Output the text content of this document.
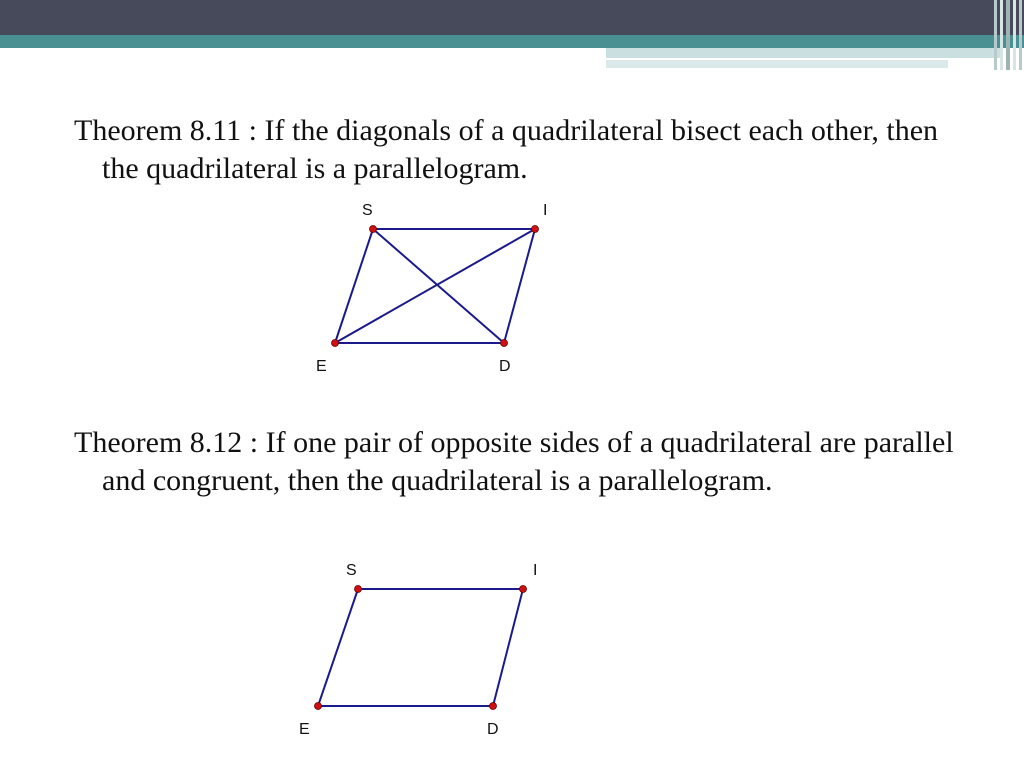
Theorem 8.11 : If the diagonals of a quadrilateral bisect each other, then the quadrilateral is a parallelogram.

Theorem 8.12 : If one pair of opposite sides of a quadrilateral are parallel and congruent, then the quadrilateral is a parallelogram.

S	I
E	D
S	I
E	D
